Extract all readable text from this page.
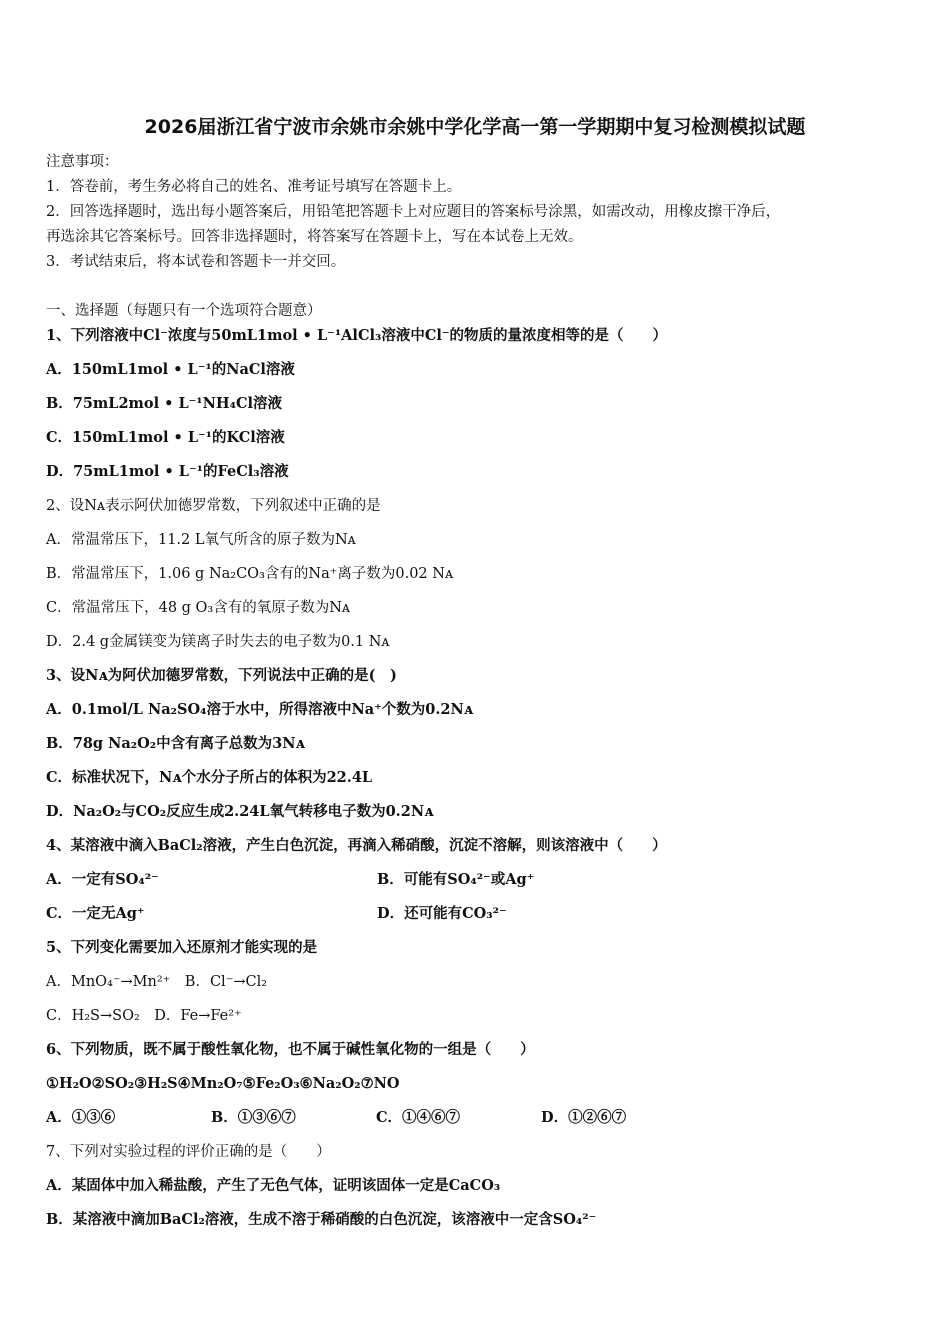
2026届浙江省宁波市余姚市余姚中学化学高一第一学期期中复习检测模拟试题
注意事项：
1．答卷前，考生务必将自己的姓名、准考证号填写在答题卡上。
2．回答选择题时，选出每小题答案后，用铅笔把答题卡上对应题目的答案标号涂黑，如需改动，用橡皮擦干净后，
再选涂其它答案标号。回答非选择题时，将答案写在答题卡上，写在本试卷上无效。
3．考试结束后，将本试卷和答题卡一并交回。
一、选择题（每题只有一个选项符合题意）
1、下列溶液中Cl⁻浓度与50mL1mol • L⁻¹AlCl₃溶液中Cl⁻的物质的量浓度相等的是（　　）
A．150mL1mol • L⁻¹的NaCl溶液
B．75mL2mol • L⁻¹NH₄Cl溶液
C．150mL1mol • L⁻¹的KCl溶液
D．75mL1mol • L⁻¹的FeCl₃溶液
2、设Nᴀ表示阿伏加德罗常数，下列叙述中正确的是
A．常温常压下，11.2 L氧气所含的原子数为Nᴀ
B．常温常压下，1.06 g Na₂CO₃含有的Na⁺离子数为0.02 Nᴀ
C．常温常压下，48 g O₃含有的氧原子数为Nᴀ
D．2.4 g金属镁变为镁离子时失去的电子数为0.1 Nᴀ
3、设Nᴀ为阿伏加德罗常数，下列说法中正确的是(　)
A．0.1mol/L Na₂SO₄溶于水中，所得溶液中Na⁺个数为0.2Nᴀ
B．78g Na₂O₂中含有离子总数为3Nᴀ
C．标准状况下，Nᴀ个水分子所占的体积为22.4L
D．Na₂O₂与CO₂反应生成2.24L氧气转移电子数为0.2Nᴀ
4、某溶液中滴入BaCl₂溶液，产生白色沉淀，再滴入稀硝酸，沉淀不溶解，则该溶液中（　　）
A．一定有SO₄²⁻	B．可能有SO₄²⁻或Ag⁺
C．一定无Ag⁺	D．还可能有CO₃²⁻
5、下列变化需要加入还原剂才能实现的是
A．MnO₄⁻→Mn²⁺　B．Cl⁻→Cl₂
C．H₂S→SO₂　D．Fe→Fe²⁺
6、下列物质，既不属于酸性氧化物，也不属于碱性氧化物的一组是（　　）
①H₂O②SO₂③H₂S④Mn₂O₇⑤Fe₂O₃⑥Na₂O₂⑦NO
A．①③⑥	B．①③⑥⑦	C．①④⑥⑦	D．①②⑥⑦
7、下列对实验过程的评价正确的是（　　）
A．某固体中加入稀盐酸，产生了无色气体，证明该固体一定是CaCO₃
B．某溶液中滴加BaCl₂溶液，生成不溶于稀硝酸的白色沉淀，该溶液中一定含SO₄²⁻
